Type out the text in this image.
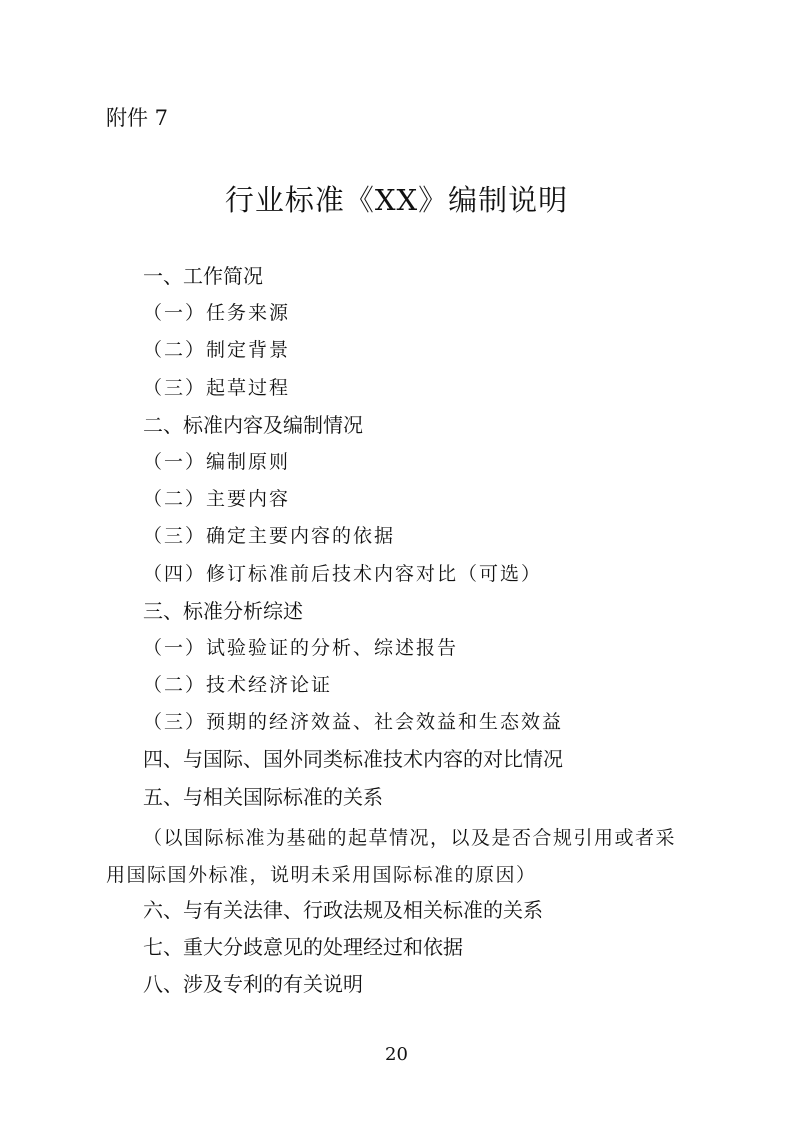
附件 7
行业标准《XX》编制说明
一、工作简况
（一）任务来源
（二）制定背景
（三）起草过程
二、标准内容及编制情况
（一）编制原则
（二）主要内容
（三）确定主要内容的依据
（四）修订标准前后技术内容对比（可选）
三、标准分析综述
（一）试验验证的分析、综述报告
（二）技术经济论证
（三）预期的经济效益、社会效益和生态效益
四、与国际、国外同类标准技术内容的对比情况
五、与相关国际标准的关系
（以国际标准为基础的起草情况，以及是否合规引用或者采用国际国外标准，说明未采用国际标准的原因）
六、与有关法律、行政法规及相关标准的关系
七、重大分歧意见的处理经过和依据
八、涉及专利的有关说明
20
